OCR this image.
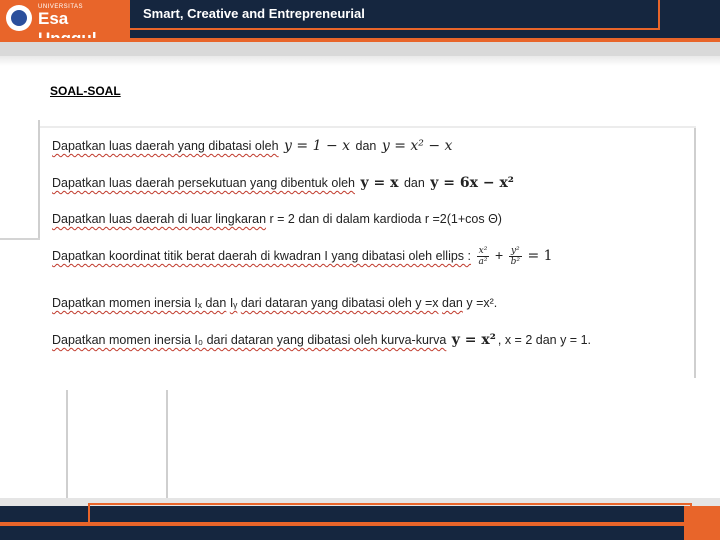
UNIVERSITAS
Esa	Smart, Creative and Entrepreneurial
SOAL-SOAL
Dapatkan luas daerah yang dibatasi oleh y = 1 − x dan y = x² − x
Dapatkan luas daerah persekutuan yang dibentuk oleh y = x dan y = 6x − x²
Dapatkan luas daerah di luar lingkaran r = 2 dan di dalam kardioda r =2(1+cos Θ)
Dapatkan koordinat titik berat daerah di kwadran I yang dibatasi oleh ellips : $\frac{\text{x²}}{\text{a²}} + \frac{\text{y²}}{\text{b²}} = 1$
Dapatkan momen inersia Iₓ dan Iᵧ dari dataran yang dibatasi oleh y =x dan y =x².
Dapatkan momen inersia I₀ dari dataran yang dibatasi oleh kurva-kurva y = x² , x = 2 dan y = 1.
